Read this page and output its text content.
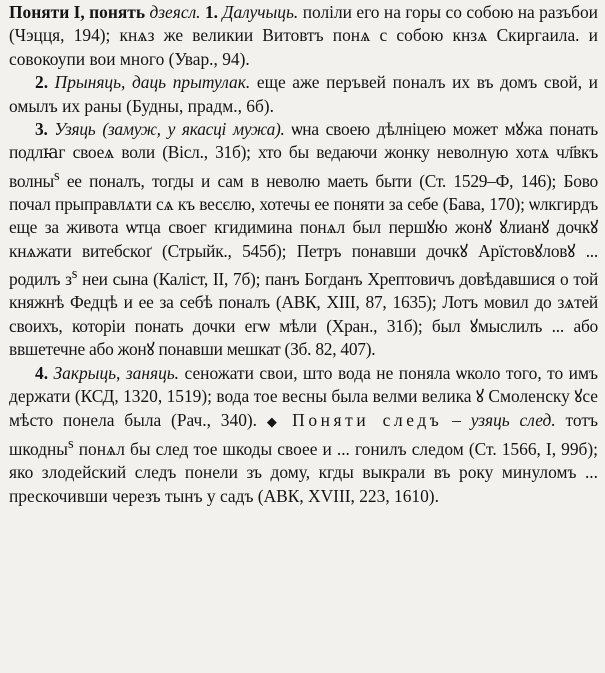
Поняти I, понять дзеясл. 1. Далучыць. поліли его на горы со собою на разъбои (Чэцця, 194); кнѧз же великии Витовтъ понѧ с собою кнзѧ Скиргаила. и совокоупи вои много (Увар., 94).

2. Прыняць, даць прытулак. еще аже перъвей поналъ их въ домъ свой, и омылъ их раны (Будны, прадм., 6б).

3. Узяць (замуж, у якасці мужа). ѡна своею дѣлніцею может мꙋжа понать подлꙗг своеѧ воли (Вісл., 31б); хто бы ведаючи жонку неволную хотѧ чл҃вкъ волны$^s$ ее поналъ, тогды и сам в неволю маеть быти (Ст. 1529–Ф, 146); Бово почал прыправлѧти сѧ къ весєлю, хотечы ее поняти за себе (Бава, 170); ѡлкгирдъ еще за живота ѡтца своег кгидимина понѧл был першꙋю жонꙋ ꙋлианꙋ дочкꙋ кнѧжати витебскоґ (Стрыйк., 545б); Петръ понавши дочкꙋ Арїстовꙋловꙋ ... родилъ $з^s$ неи сына (Каліст, II, 7б); панъ Богданъ Хрептовичъ довѣдавшися о той княжнѣ Федцѣ и ее за себѣ поналъ (АВК, XIII, 87, 1635); Лотъ мовил до зѧтей своихъ, которіи понать дочки егѡ мѣли (Хран., 31б); был ꙋмыслилъ ... або ввшетечне або жонꙋ понавши мешкат (Зб. 82, 407).

4. Закрыць, заняць. сеножати свои, што вода не поняла ѡколо того, то имъ держати (КСД, 1320, 1519); вода тое весны была велми велика ꙋ Смоленску ꙋсе мѣсто понела была (Рач., 340). ◆ Поняти следъ – узяць след. тотъ шкодны$^s$ понѧл бы след тое шкоды своее и ... гонилъ следом (Ст. 1566, I, 99б); яко злодейский следъ понели зъ дому, кгды выкрали въ року минуломъ ... прескочивши черезъ тынъ у садъ (АВК, XVIII, 223, 1610).
